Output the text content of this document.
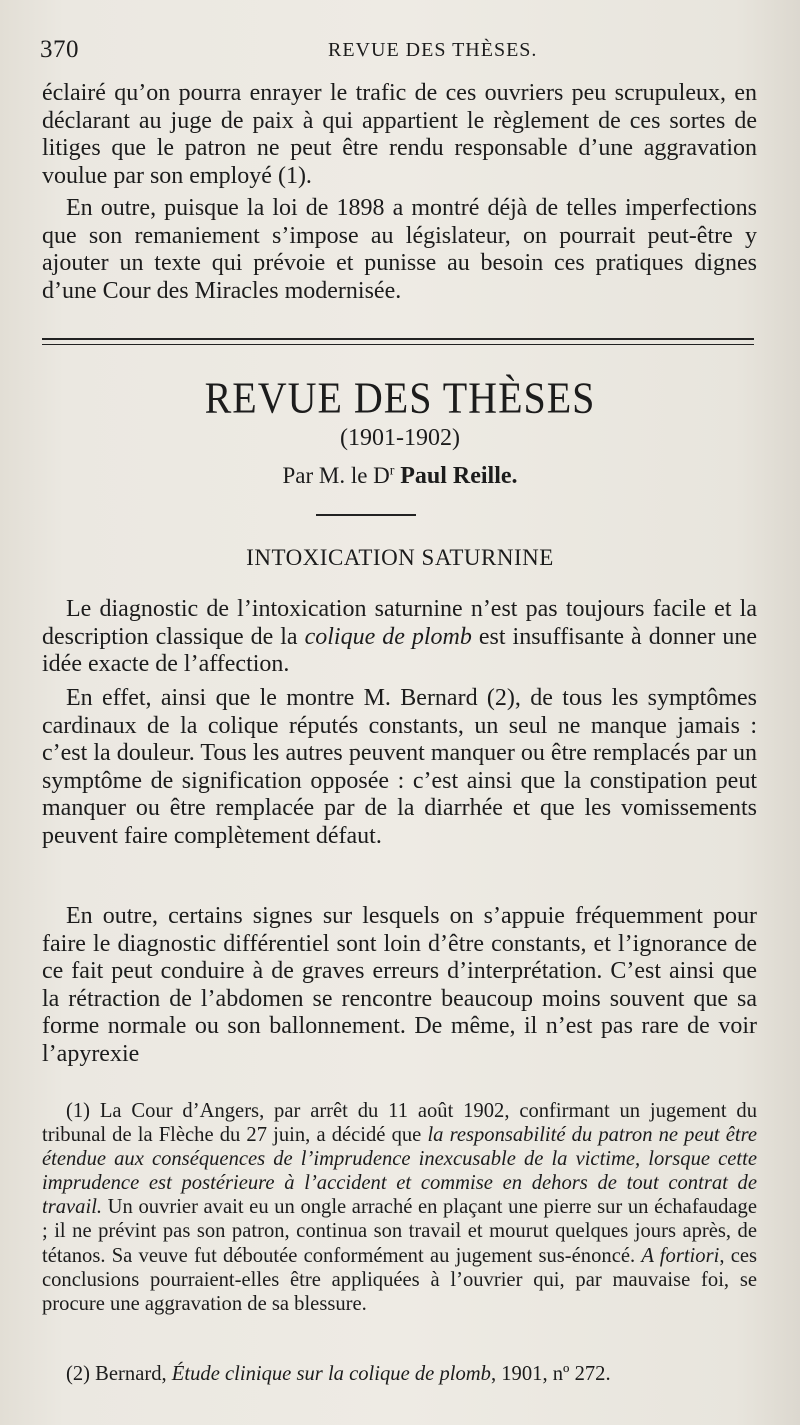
370	REVUE DES THÈSES.

éclairé qu’on pourra enrayer le trafic de ces ouvriers peu scrupuleux, en déclarant au juge de paix à qui appartient le règlement de ces sortes de litiges que le patron ne peut être rendu responsable d’une aggravation voulue par son employé (1).

En outre, puisque la loi de 1898 a montré déjà de telles imperfections que son remaniement s’impose au législateur, on pourrait peut-être y ajouter un texte qui prévoie et punisse au besoin ces pratiques dignes d’une Cour des Miracles modernisée.

REVUE DES THÈSES
(1901-1902)
Par M. le $D^r$ Paul Reille.
INTOXICATION SATURNINE

Le diagnostic de l’intoxication saturnine n’est pas toujours facile et la description classique de la colique de plomb est insuffisante à donner une idée exacte de l’affection.

En effet, ainsi que le montre M. Bernard (2), de tous les symptômes cardinaux de la colique réputés constants, un seul ne manque jamais : c’est la douleur. Tous les autres peuvent manquer ou être remplacés par un symptôme de signification opposée : c’est ainsi que la constipation peut manquer ou être remplacée par de la diarrhée et que les vomissements peuvent faire complètement défaut.

En outre, certains signes sur lesquels on s’appuie fréquemment pour faire le diagnostic différentiel sont loin d’être constants, et l’ignorance de ce fait peut conduire à de graves erreurs d’interprétation. C’est ainsi que la rétraction de l’abdomen se rencontre beaucoup moins souvent que sa forme normale ou son ballonnement. De même, il n’est pas rare de voir l’apyrexie

(1) La Cour d’Angers, par arrêt du 11 août 1902, confirmant un jugement du tribunal de la Flèche du 27 juin, a décidé que la responsabilité du patron ne peut être étendue aux conséquences de l’imprudence inexcusable de la victime, lorsque cette imprudence est postérieure à l’accident et commise en dehors de tout contrat de travail. Un ouvrier avait eu un ongle arraché en plaçant une pierre sur un échafaudage ; il ne prévint pas son patron, continua son travail et mourut quelques jours après, de tétanos. Sa veuve fut déboutée conformément au jugement sus-énoncé. A fortiori, ces conclusions pourraient-elles être appliquées à l’ouvrier qui, par mauvaise foi, se procure une aggravation de sa blessure.

(2) Bernard, Étude clinique sur la colique de plomb, 1901, nº 272.
